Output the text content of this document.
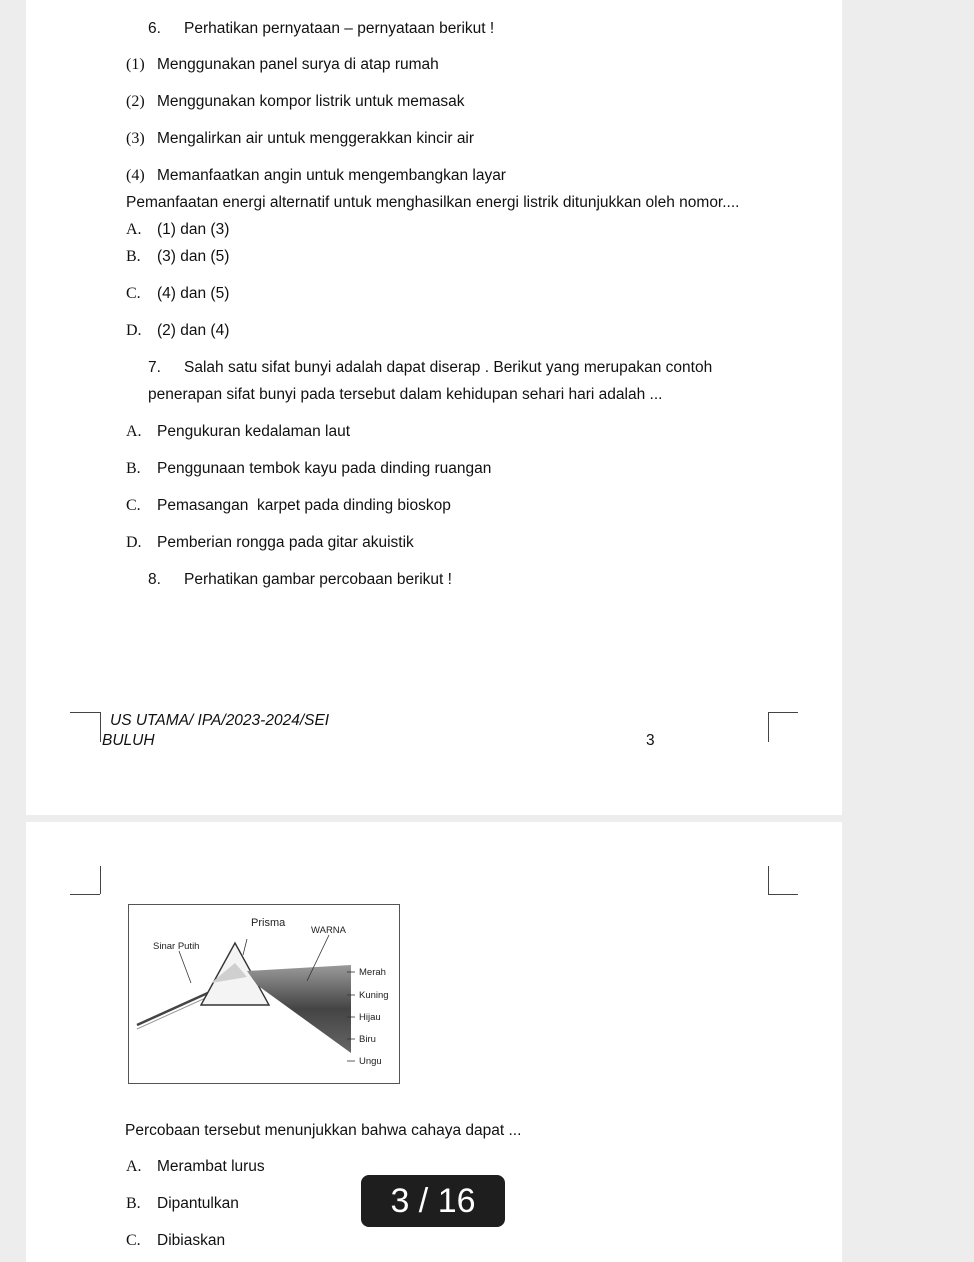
6. Perhatikan pernyataan – pernyataan berikut !
(1) Menggunakan panel surya di atap rumah
(2) Menggunakan kompor listrik untuk memasak
(3) Mengalirkan air untuk menggerakkan kincir air
(4) Memanfaatkan angin untuk mengembangkan layar
Pemanfaatan energi alternatif untuk menghasilkan energi listrik ditunjukkan oleh nomor....
A. (1) dan (3)
B. (3) dan (5)
C. (4) dan (5)
D. (2) dan (4)
7. Salah satu sifat bunyi adalah dapat diserap . Berikut yang merupakan contoh
penerapan sifat bunyi pada tersebut dalam kehidupan sehari hari adalah ...
A. Pengukuran kedalaman laut
B. Penggunaan tembok kayu pada dinding ruangan
C. Pemasangan  karpet pada dinding bioskop
D. Pemberian rongga pada gitar akuistik
8. Perhatikan gambar percobaan berikut !
US UTAMA/ IPA/2023-2024/SEI
BULUH	3
Prisma
WARNA
Sinar Putih
Merah
Kuning
Hijau
Biru
Ungu
Percobaan tersebut menunjukkan bahwa cahaya dapat ...
A. Merambat lurus
B. Dipantulkan
C. Dibiaskan
3 / 16
